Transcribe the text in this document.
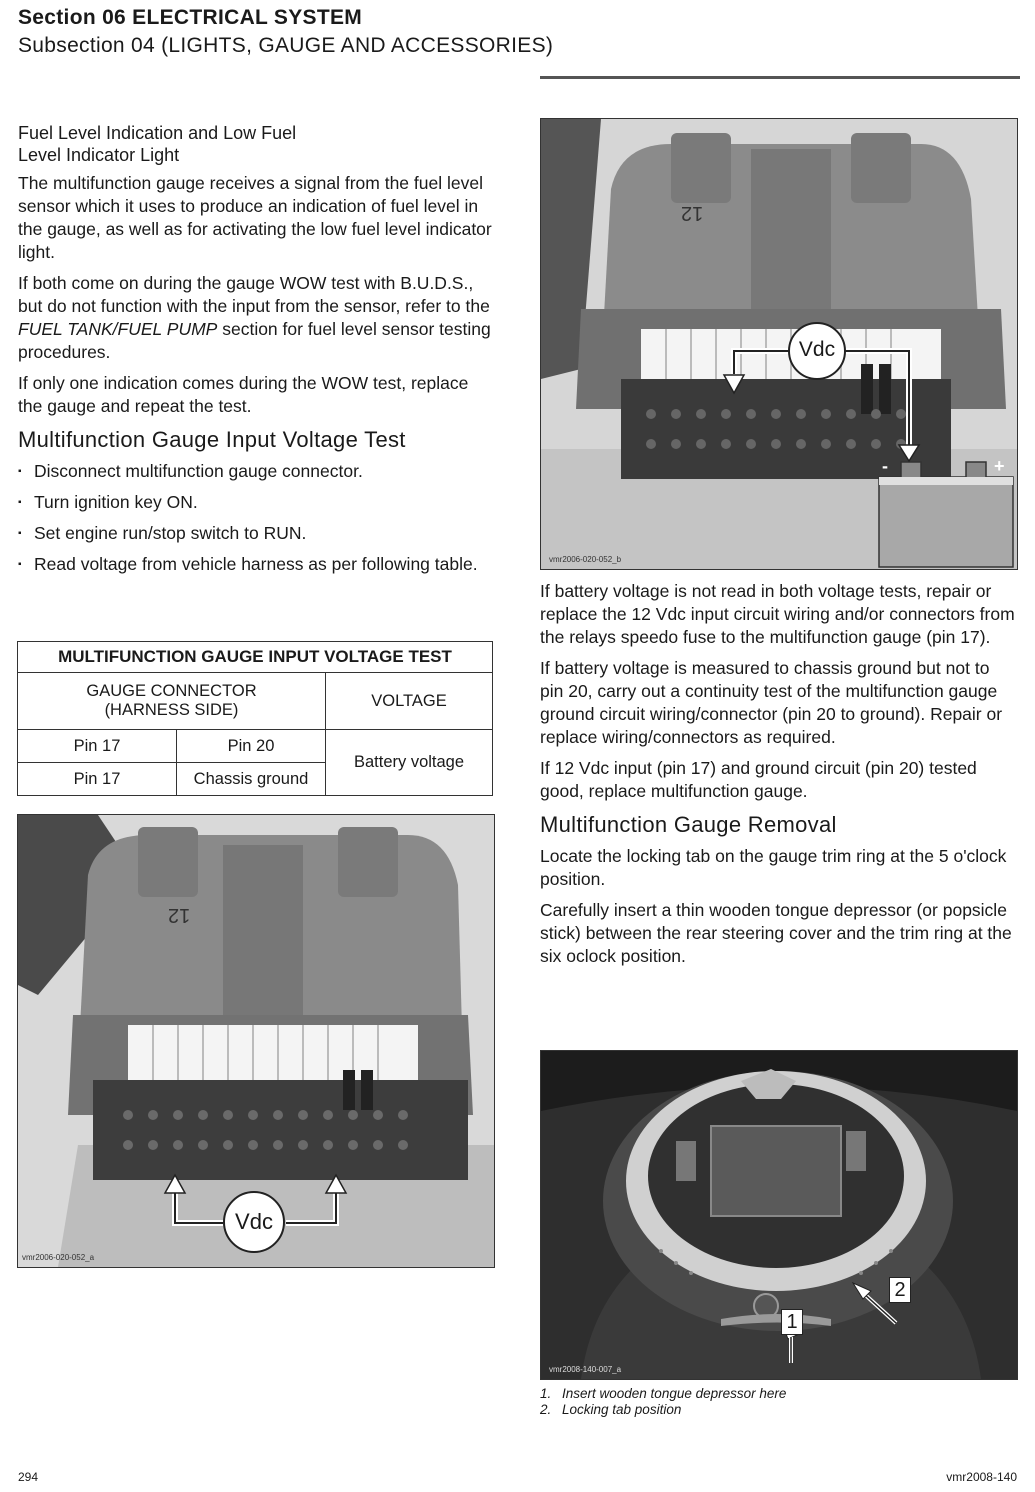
Section 06 ELECTRICAL SYSTEM
Subsection 04 (LIGHTS, GAUGE AND ACCESSORIES)
Fuel Level Indication and Low Fuel
Level Indicator Light

The multifunction gauge receives a signal from the fuel level sensor which it uses to produce an indication of fuel level in the gauge, as well as for activating the low fuel level indicator light.

If both come on during the gauge WOW test with B.U.D.S., but do not function with the input from the sensor, refer to the FUEL TANK/FUEL PUMP section for fuel level sensor testing procedures.

If only one indication comes during the WOW test, replace the gauge and repeat the test.

Multifunction Gauge Input Voltage Test
▪ Disconnect multifunction gauge connector.
▪ Turn ignition key ON.
▪ Set engine run/stop switch to RUN.
▪ Read voltage from vehicle harness as per following table.
MULTIFUNCTION GAUGE INPUT VOLTAGE TEST		

GAUGE CONNECTOR
(HARNESS SIDE)		VOLTAGE
Pin 17	Pin 20	Battery voltage
Pin 17	Chassis ground	
12
Vdc
vmr2006-020-052_a
12
Vdc
-	+
vmr2006-020-052_b

If battery voltage is not read in both voltage tests, repair or replace the 12 Vdc input circuit wiring and/or connectors from the relays speedo fuse to the multifunction gauge (pin 17).

If battery voltage is measured to chassis ground but not to pin 20, carry out a continuity test of the multifunction gauge ground circuit wiring/connector (pin 20 to ground). Repair or replace wiring/connectors as required.

If 12 Vdc input (pin 17) and ground circuit (pin 20) tested good, replace multifunction gauge.

Multifunction Gauge Removal

Locate the locking tab on the gauge trim ring at the 5 o'clock position.

Carefully insert a thin wooden tongue depressor (or popsicle stick) between the rear steering cover and the trim ring at the six oclock position.

1
2
vmr2008-140-007_a
1. Insert wooden tongue depressor here
2. Locking tab position
294	vmr2008-140
